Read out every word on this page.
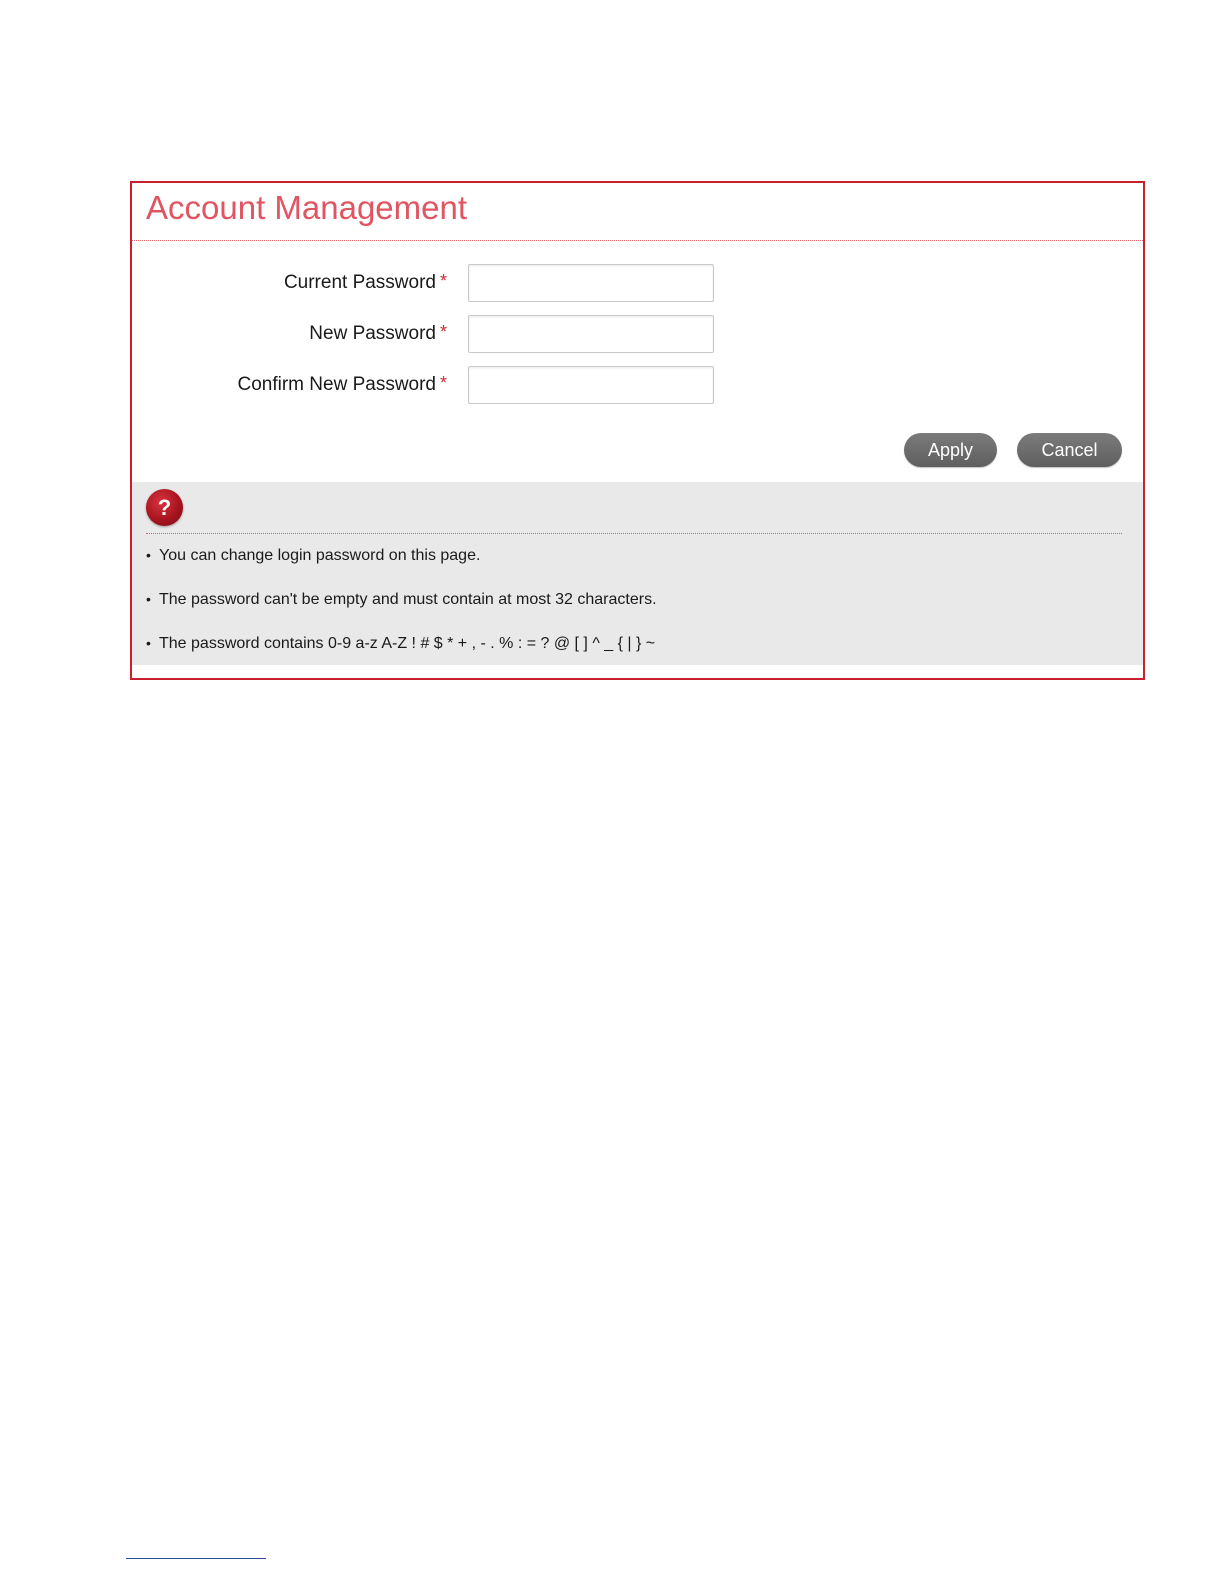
Account Management
Current Password *
New Password *
Confirm New Password *
Apply	Cancel
?
• You can change login password on this page.
• The password can't be empty and must contain at most 32 characters.
• The password contains 0-9 a-z A-Z ! # $ * + , - . % : = ? @ [ ] ^ _ { | } ~
